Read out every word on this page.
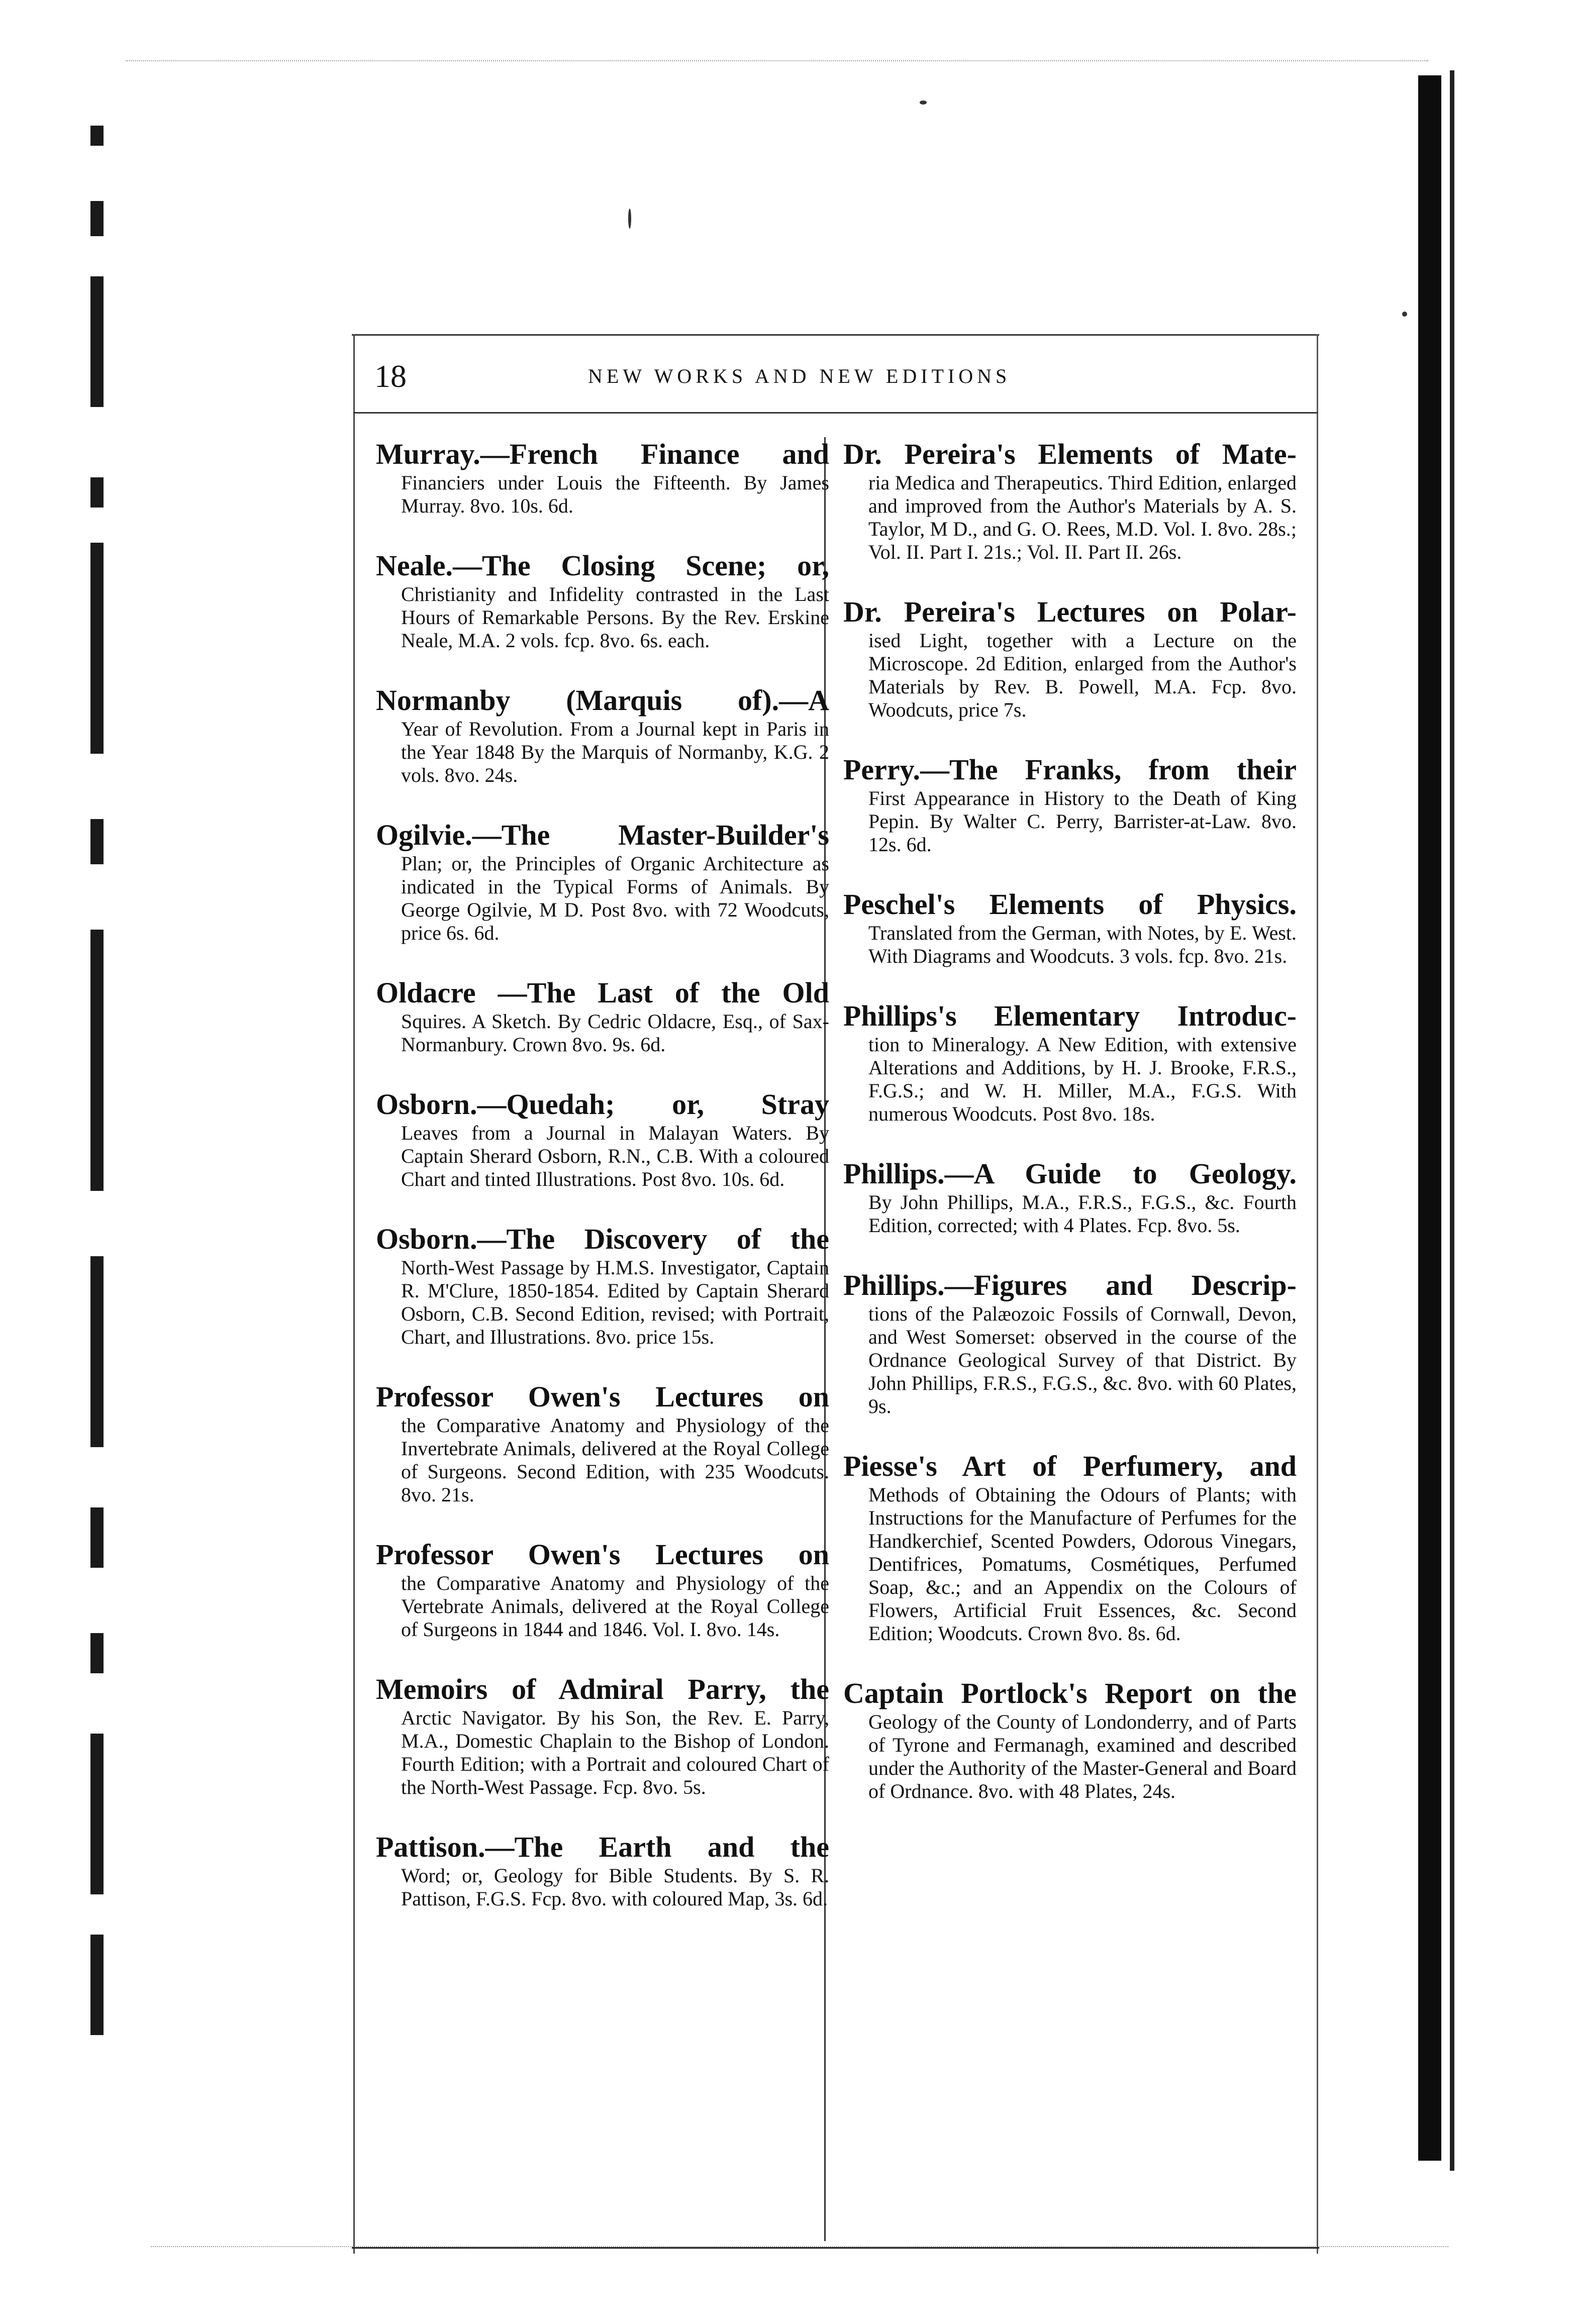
18	NEW WORKS AND NEW EDITIONS
Murray.—French Finance and
Financiers under Louis the Fifteenth. By James Murray. 8vo. 10s. 6d.
Neale.—The Closing Scene; or,
Christianity and Infidelity contrasted in the Last Hours of Remarkable Persons. By the Rev. Erskine Neale, M.A. 2 vols. fcp. 8vo. 6s. each.
Normanby (Marquis of).—A
Year of Revolution. From a Journal kept in Paris in the Year 1848 By the Marquis of Normanby, K.G. 2 vols. 8vo. 24s.
Ogilvie.—The Master-Builder's
Plan; or, the Principles of Organic Architecture as indicated in the Typical Forms of Animals. By George Ogilvie, M D. Post 8vo. with 72 Woodcuts, price 6s. 6d.
Oldacre —The Last of the Old
Squires. A Sketch. By Cedric Oldacre, Esq., of Sax-Normanbury. Crown 8vo. 9s. 6d.
Osborn.—Quedah; or, Stray
Leaves from a Journal in Malayan Waters. By Captain Sherard Osborn, R.N., C.B. With a coloured Chart and tinted Illustrations. Post 8vo. 10s. 6d.
Osborn.—The Discovery of the
North-West Passage by H.M.S. Investigator, Captain R. M'Clure, 1850-1854. Edited by Captain Sherard Osborn, C.B. Second Edition, revised; with Portrait, Chart, and Illustrations. 8vo. price 15s.
Professor Owen's Lectures on
the Comparative Anatomy and Physiology of the Invertebrate Animals, delivered at the Royal College of Surgeons. Second Edition, with 235 Woodcuts. 8vo. 21s.
Professor Owen's Lectures on
the Comparative Anatomy and Physiology of the Vertebrate Animals, delivered at the Royal College of Surgeons in 1844 and 1846. Vol. I. 8vo. 14s.
Memoirs of Admiral Parry, the
Arctic Navigator. By his Son, the Rev. E. Parry, M.A., Domestic Chaplain to the Bishop of London. Fourth Edition; with a Portrait and coloured Chart of the North-West Passage. Fcp. 8vo. 5s.
Pattison.—The Earth and the
Word; or, Geology for Bible Students. By S. R. Pattison, F.G.S. Fcp. 8vo. with coloured Map, 3s. 6d.
Dr. Pereira's Elements of Mate-
ria Medica and Therapeutics. Third Edition, enlarged and improved from the Author's Materials by A. S. Taylor, M D., and G. O. Rees, M.D. Vol. I. 8vo. 28s.; Vol. II. Part I. 21s.; Vol. II. Part II. 26s.
Dr. Pereira's Lectures on Polar-
ised Light, together with a Lecture on the Microscope. 2d Edition, enlarged from the Author's Materials by Rev. B. Powell, M.A. Fcp. 8vo. Woodcuts, price 7s.
Perry.—The Franks, from their
First Appearance in History to the Death of King Pepin. By Walter C. Perry, Barrister-at-Law. 8vo. 12s. 6d.
Peschel's Elements of Physics.
Translated from the German, with Notes, by E. West. With Diagrams and Woodcuts. 3 vols. fcp. 8vo. 21s.
Phillips's Elementary Introduc-
tion to Mineralogy. A New Edition, with extensive Alterations and Additions, by H. J. Brooke, F.R.S., F.G.S.; and W. H. Miller, M.A., F.G.S. With numerous Woodcuts. Post 8vo. 18s.
Phillips.—A Guide to Geology.
By John Phillips, M.A., F.R.S., F.G.S., &c. Fourth Edition, corrected; with 4 Plates. Fcp. 8vo. 5s.
Phillips.—Figures and Descrip-
tions of the Palæozoic Fossils of Cornwall, Devon, and West Somerset: observed in the course of the Ordnance Geological Survey of that District. By John Phillips, F.R.S., F.G.S., &c. 8vo. with 60 Plates, 9s.
Piesse's Art of Perfumery, and
Methods of Obtaining the Odours of Plants; with Instructions for the Manufacture of Perfumes for the Handkerchief, Scented Powders, Odorous Vinegars, Dentifrices, Pomatums, Cosmétiques, Perfumed Soap, &c.; and an Appendix on the Colours of Flowers, Artificial Fruit Essences, &c. Second Edition; Woodcuts. Crown 8vo. 8s. 6d.
Captain Portlock's Report on the
Geology of the County of Londonderry, and of Parts of Tyrone and Fermanagh, examined and described under the Authority of the Master-General and Board of Ordnance. 8vo. with 48 Plates, 24s.
